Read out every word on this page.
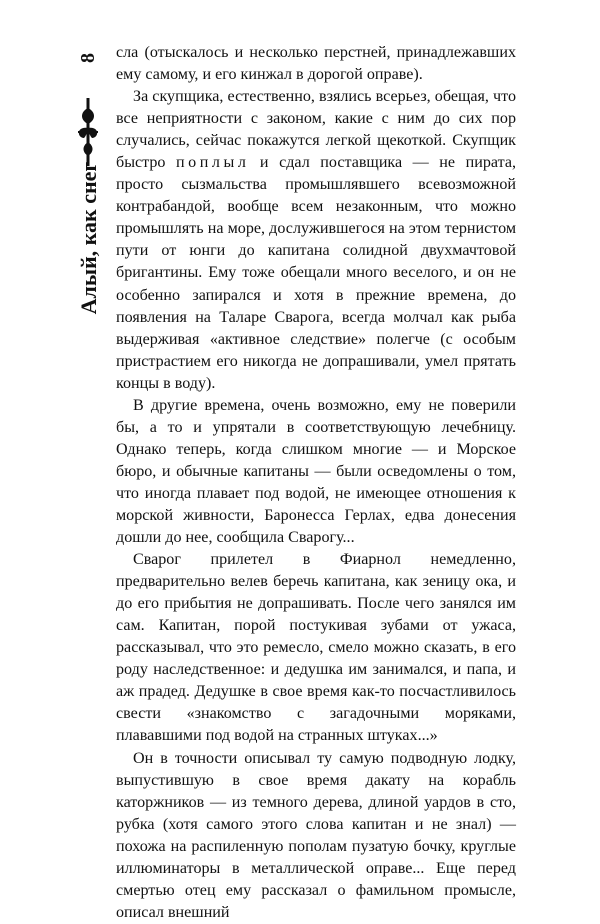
8
Алый, как снег

сла (отыскалось и несколько перстней, принадлежавших ему самому, и его кинжал в дорогой оправе).

За скупщика, естественно, взялись всерьез, обещая, что все неприятности с законом, какие с ним до сих пор случались, сейчас покажутся легкой щекоткой. Скупщик быстро поплыл и сдал поставщика — не пирата, просто сызмальства промышлявшего всевозможной контрабандой, вообще всем незаконным, что можно промышлять на море, дослужившегося на этом тернистом пути от юнги до капитана солидной двухмачтовой бригантины. Ему тоже обещали много веселого, и он не особенно запирался и хотя в прежние времена, до появления на Таларе Сварога, всегда молчал как рыба выдерживая «активное следствие» полегче (с особым пристрастием его никогда не допрашивали, умел прятать концы в воду).

В другие времена, очень возможно, ему не поверили бы, а то и упрятали в соответствующую лечебницу. Однако теперь, когда слишком многие — и Морское бюро, и обычные капитаны — были осведомлены о том, что иногда плавает под водой, не имеющее отношения к морской живности, Баронесса Герлах, едва донесения дошли до нее, сообщила Сварогу...

Сварог прилетел в Фиарнол немедленно, предварительно велев беречь капитана, как зеницу ока, и до его прибытия не допрашивать. После чего занялся им сам. Капитан, порой постукивая зубами от ужаса, рассказывал, что это ремесло, смело можно сказать, в его роду наследственное: и дедушка им занимался, и папа, и аж прадед. Дедушке в свое время как-то посчастливилось свести «знакомство с загадочными моряками, плававшими под водой на странных штуках...»

Он в точности описывал ту самую подводную лодку, выпустившую в свое время дакату на корабль каторжников — из темного дерева, длиной уардов в сто, рубка (хотя самого этого слова капитан и не знал) — похожа на распиленную пополам пузатую бочку, круглые иллюминаторы в металлической оправе... Еще перед смертью отец ему рассказал о фамильном промысле, описал внешний
